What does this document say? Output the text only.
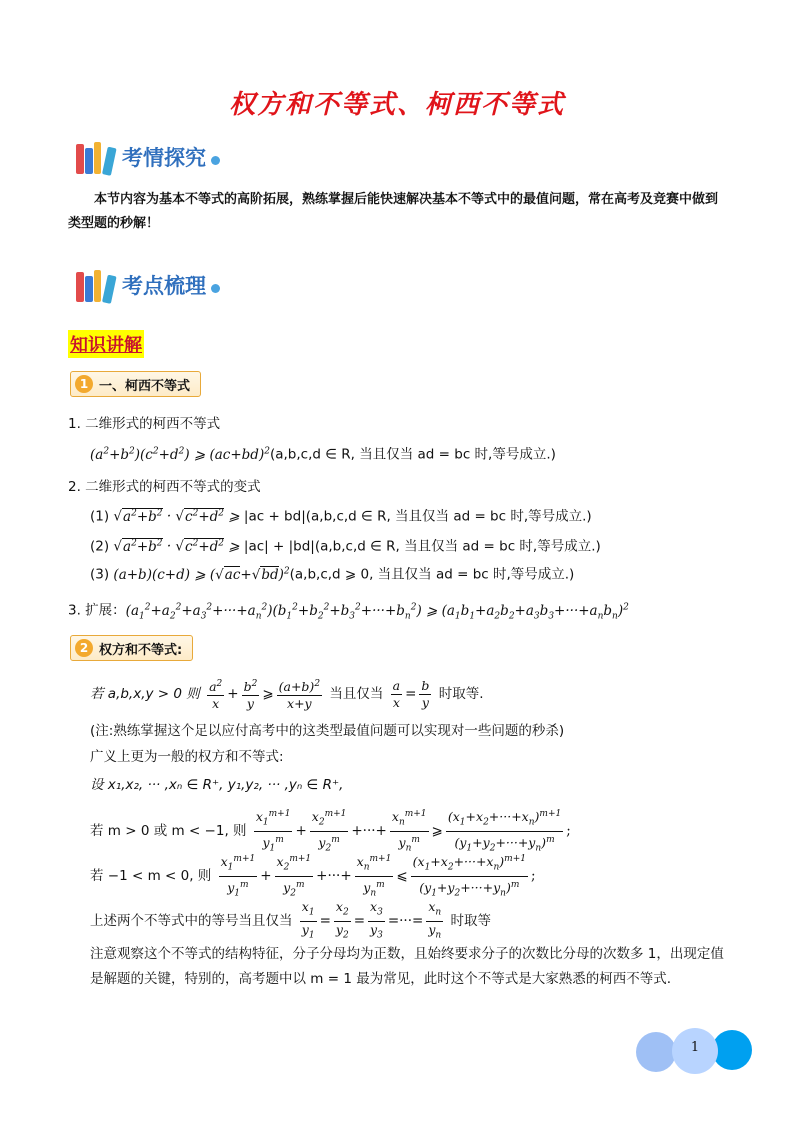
权方和不等式、柯西不等式
考情探究
本节内容为基本不等式的高阶拓展，熟练掌握后能快速解决基本不等式中的最值问题，常在高考及竞赛中做到类型题的秒解！
考点梳理
知识讲解
1 一、柯西不等式
1. 二维形式的柯西不等式
$(a^2+b^2)(c^2+d^2)$ ⩾ $(ac+bd)^2(a,b,c,d$ ∈ R, 当且仅当 ad = bc 时,等号成立.)
2. 二维形式的柯西不等式的变式
(1) $√a^2+b^2 \cdot √c^2+d^2$ ⩾ |ac + bd|(a,b,c,d ∈ R, 当且仅当 ad = bc 时,等号成立.)
(2) $√a^2+b^2 \cdot √c^2+d^2$ ⩾ |ac| + |bd|(a,b,c,d ∈ R, 当且仅当 ad = bc 时,等号成立.)
(3) (a+b)(c+d) ⩾ $(√ac+√bd)^2(a,b,c,d$ ⩾ 0, 当且仅当 ad = bc 时,等号成立.)
3. 扩展：$(a_1^2+a_2^2+a_3^2+\cdot\cdot\cdot+a_n^2)(b_1^2+b_2^2+b_3^2+\cdot\cdot\cdot+b_n^2)$ ⩾ $(a_1b_1+a_2b_2+a_3b_3+\cdot\cdot\cdot+a_nb_n)^2$
2 权方和不等式:
若 a,b,x,y > 0 则
$\frac{a^2}{x} + \frac{b^2}{y}$ ⩾ $\frac{(a+b)^2}{x+y}$
当且仅当
$\frac{a}{x} = \frac{b}{y}$
时取等.
(注:熟练掌握这个足以应付高考中的这类型最值问题可以实现对一些问题的秒杀)
广义上更为一般的权方和不等式:
设 x₁,x₂, ··· ,xₙ ∈ R⁺, y₁,y₂, ··· ,yₙ ∈ R⁺,
若 m > 0 或 m < −1, 则
$\frac{x_1^{m+1}}{y_1^m} + \frac{x_2^{m+1}}{y_2^m}$ +···+ $\frac{x_n^{m+1}}{y_n^m}$ ⩾ $\frac{(x_1+x_2+\cdot\cdot\cdot+x_n)^{m+1}}{(y_1+y_2+\cdot\cdot\cdot+y_n)^m}$ ;
若 −1 < m < 0, 则
$\frac{x_1^{m+1}}{y_1^m} + \frac{x_2^{m+1}}{y_2^m}$ +···+ $\frac{x_n^{m+1}}{y_n^m}$ ⩽ $\frac{(x_1+x_2+\cdot\cdot\cdot+x_n)^{m+1}}{(y_1+y_2+\cdot\cdot\cdot+y_n)^m}$ ;
上述两个不等式中的等号当且仅当
$\frac{x_1}{y_1} = \frac{x_2}{y_2} = \frac{x_3}{y_3}$ =···= $\frac{x_n}{y_n}$
时取等
注意观察这个不等式的结构特征，分子分母均为正数，且始终要求分子的次数比分母的次数多 1，出现定值是解题的关键，特别的，高考题中以 m = 1 最为常见，此时这个不等式是大家熟悉的柯西不等式.
1
